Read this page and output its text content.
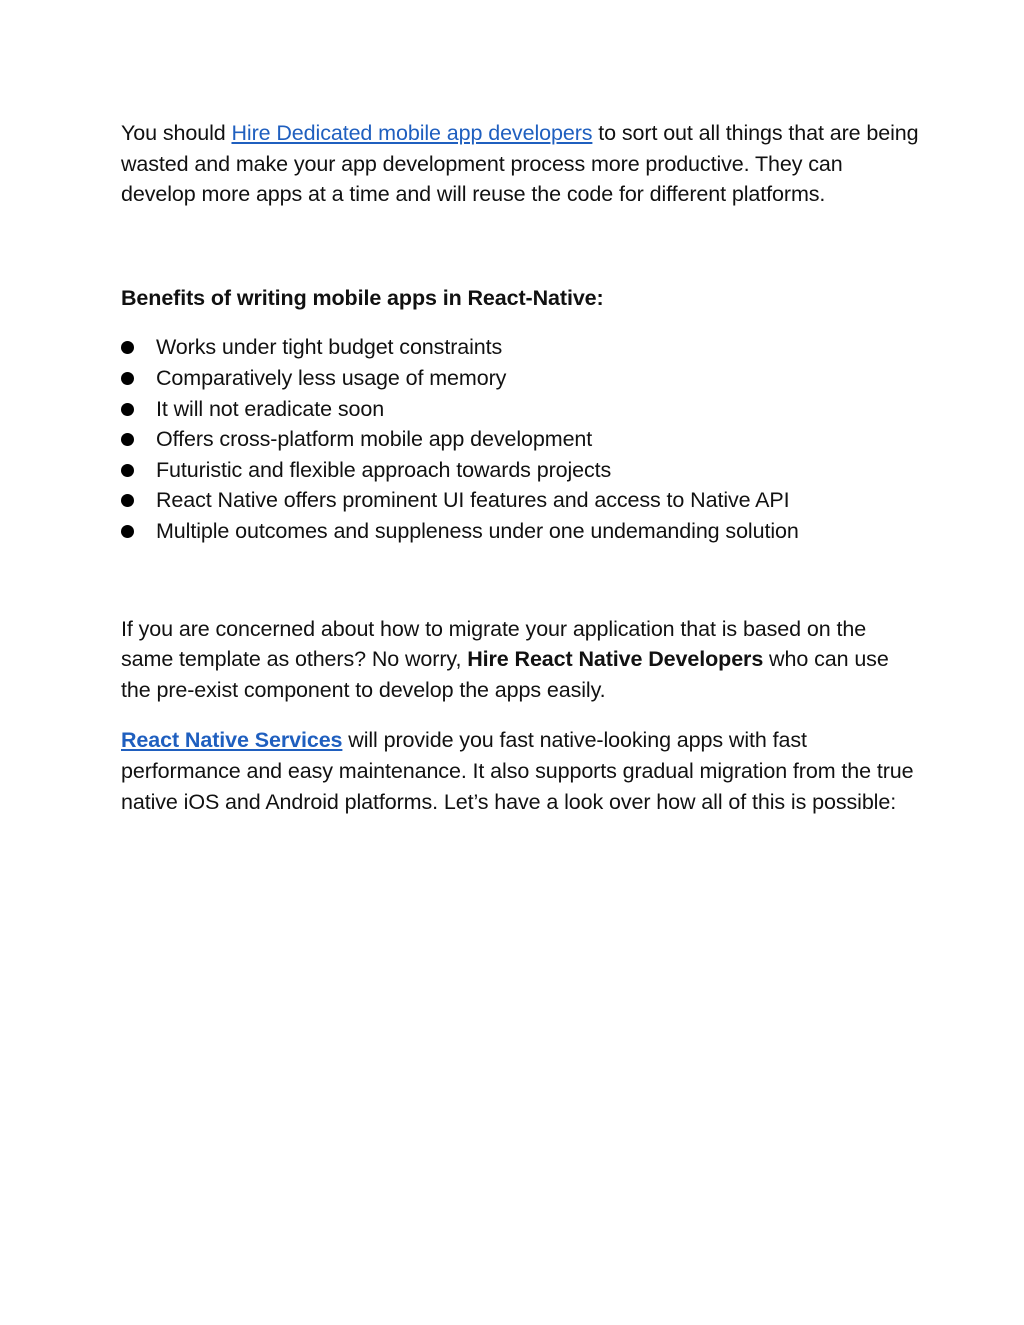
You should Hire Dedicated mobile app developers to sort out all things that are being wasted and make your app development process more productive. They can develop more apps at a time and will reuse the code for different platforms.

Benefits of writing mobile apps in React-Native:
Works under tight budget constraints
Comparatively less usage of memory
It will not eradicate soon
Offers cross-platform mobile app development
Futuristic and flexible approach towards projects
React Native offers prominent UI features and access to Native API
Multiple outcomes and suppleness under one undemanding solution

If you are concerned about how to migrate your application that is based on the same template as others? No worry, Hire React Native Developers who can use the pre-exist component to develop the apps easily.

React Native Services will provide you fast native-looking apps with fast performance and easy maintenance. It also supports gradual migration from the true native iOS and Android platforms. Let’s have a look over how all of this is possible:
